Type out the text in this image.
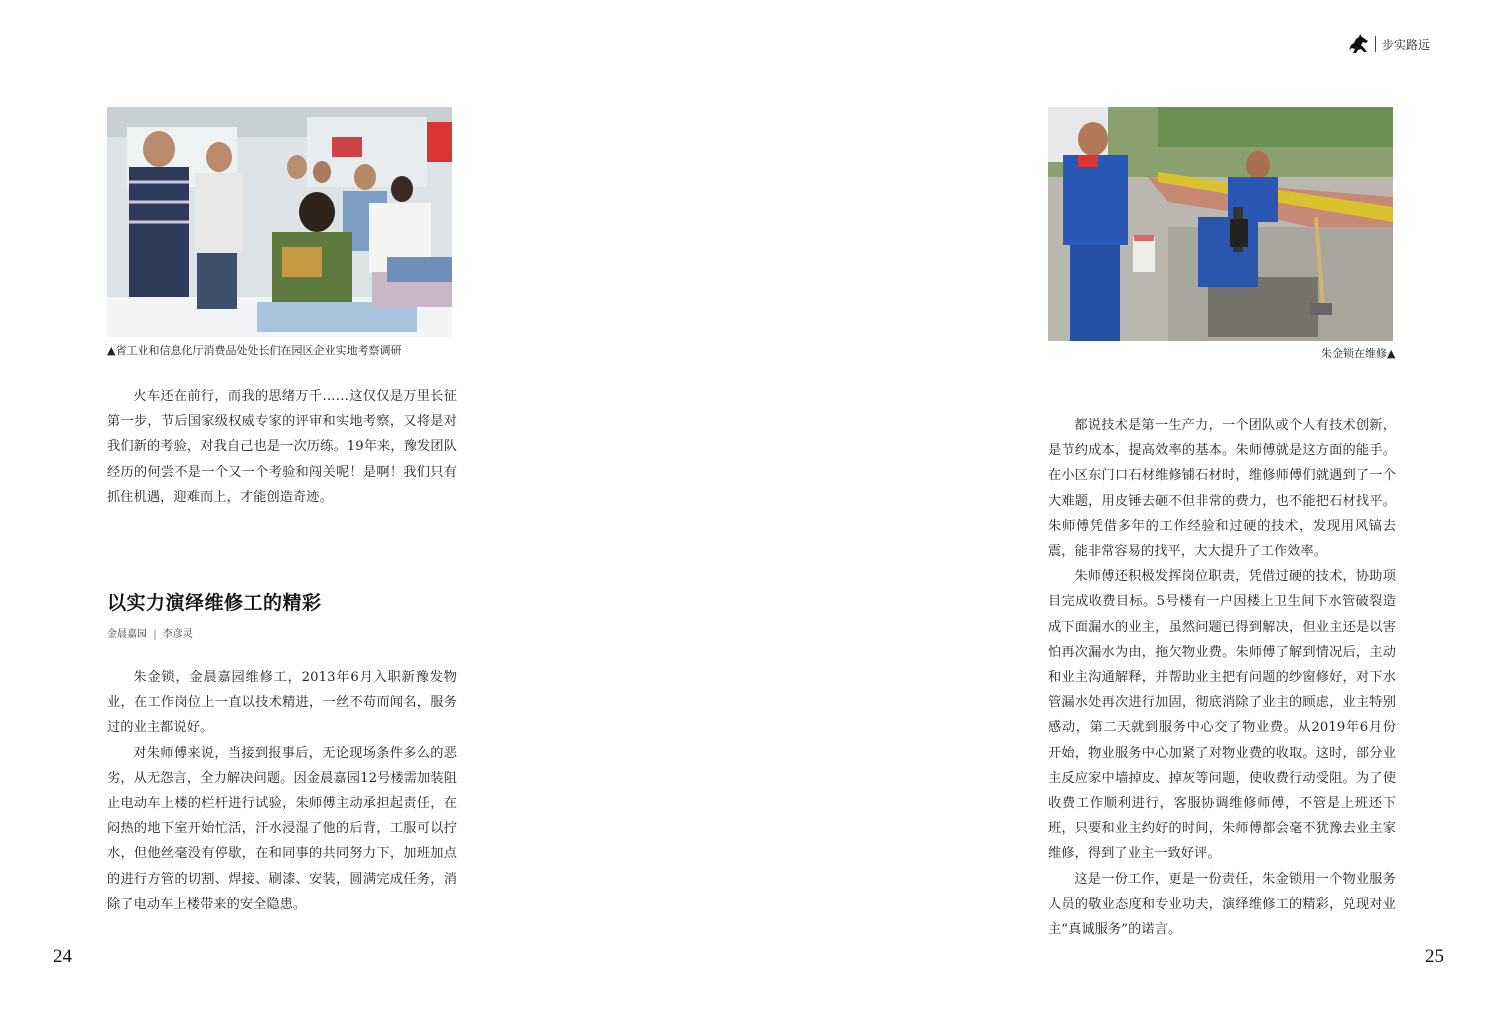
步实路远
▲省工业和信息化厅消费品处处长们在园区企业实地考察调研

火车还在前行，而我的思绪万千……这仅仅是万里长征第一步，节后国家级权威专家的评审和实地考察，又将是对我们新的考验，对我自己也是一次历练。19年来，豫发团队经历的何尝不是一个又一个考验和闯关呢！是啊！我们只有抓住机遇，迎难而上，才能创造奇迹。

以实力演绎维修工的精彩
金晨嘉园 | 李彦灵

朱金锁，金晨嘉园维修工，2013年6月入职新豫发物业，在工作岗位上一直以技术精进，一丝不苟而闻名，服务过的业主都说好。

对朱师傅来说，当接到报事后，无论现场条件多么的恶劣，从无怨言，全力解决问题。因金晨嘉园12号楼需加装阻止电动车上楼的栏杆进行试验，朱师傅主动承担起责任，在闷热的地下室开始忙活，汗水浸湿了他的后背，工服可以拧水，但他丝毫没有停歇，在和同事的共同努力下，加班加点的进行方管的切割、焊接、刷漆、安装，圆满完成任务，消除了电动车上楼带来的安全隐患。

24
朱金锁在维修▲

都说技术是第一生产力，一个团队或个人有技术创新，是节约成本，提高效率的基本。朱师傅就是这方面的能手。在小区东门口石材维修铺石材时，维修师傅们就遇到了一个大难题，用皮锤去砸不但非常的费力，也不能把石材找平。朱师傅凭借多年的工作经验和过硬的技术，发现用风镐去震，能非常容易的找平，大大提升了工作效率。

朱师傅还积极发挥岗位职责，凭借过硬的技术，协助项目完成收费目标。5号楼有一户因楼上卫生间下水管破裂造成下面漏水的业主，虽然问题已得到解决，但业主还是以害怕再次漏水为由，拖欠物业费。朱师傅了解到情况后，主动和业主沟通解释，并帮助业主把有问题的纱窗修好，对下水管漏水处再次进行加固，彻底消除了业主的顾虑，业主特别感动，第二天就到服务中心交了物业费。从2019年6月份开始，物业服务中心加紧了对物业费的收取。这时，部分业主反应家中墙掉皮、掉灰等问题，使收费行动受阻。为了使收费工作顺利进行，客服协调维修师傅，不管是上班还下班，只要和业主约好的时间，朱师傅都会毫不犹豫去业主家维修，得到了业主一致好评。

这是一份工作，更是一份责任，朱金锁用一个物业服务人员的敬业态度和专业功夫，演绎维修工的精彩，兑现对业主“真诚服务”的诺言。

25
